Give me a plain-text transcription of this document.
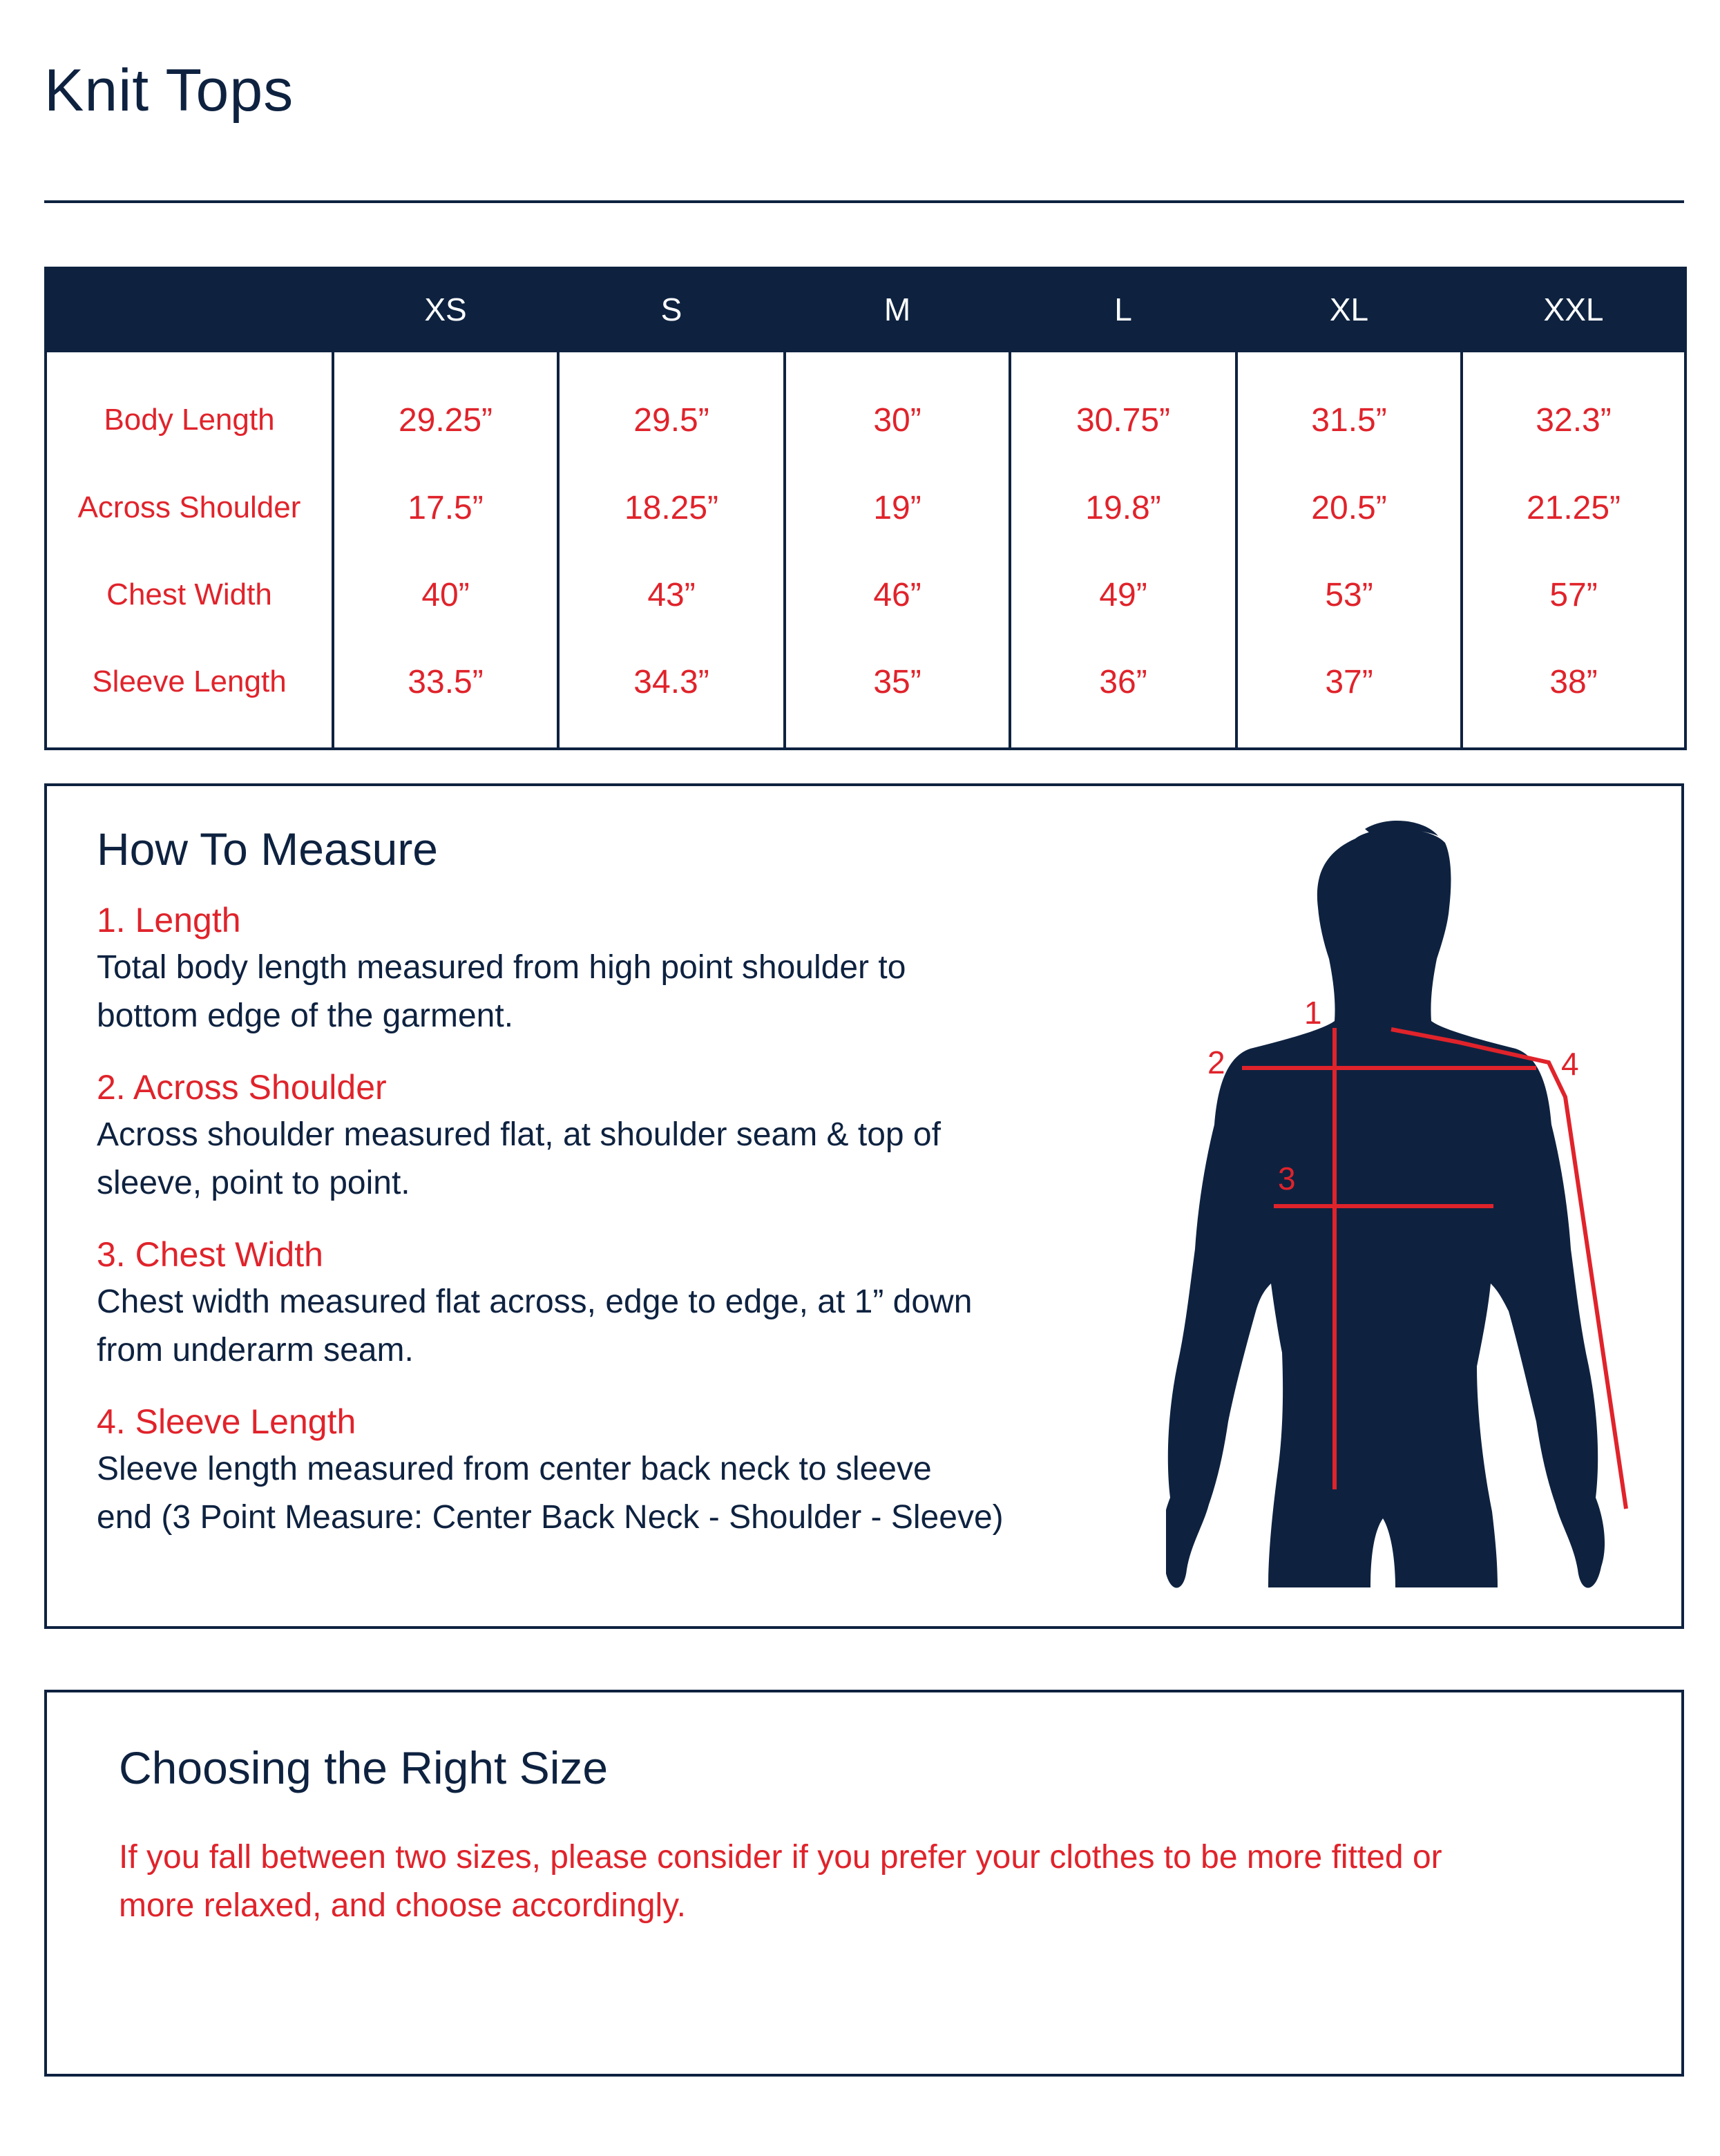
Knit Tops
	XS	S	M	L	XL	XXL
Body Length	29.25”	29.5”	30”	30.75”	31.5”	32.3”
Across Shoulder	17.5”	18.25”	19”	19.8”	20.5”	21.25”
Chest Width	40”	43”	46”	49”	53”	57”
Sleeve Length	33.5”	34.3”	35”	36”	37”	38”
How To Measure
1. Length
Total body length measured from high point shoulder to
bottom edge of the garment.
2. Across Shoulder
Across shoulder measured flat, at shoulder seam & top of
sleeve, point to point.
3. Chest Width
Chest width measured flat across, edge to edge, at 1” down
from underarm seam.
4. Sleeve Length
Sleeve length measured from center back neck to sleeve
end (3 Point Measure: Center Back Neck - Shoulder - Sleeve)
1
2
3
4
Choosing the Right Size
If you fall between two sizes, please consider if you prefer your clothes to be more fitted or
more relaxed, and choose accordingly.
